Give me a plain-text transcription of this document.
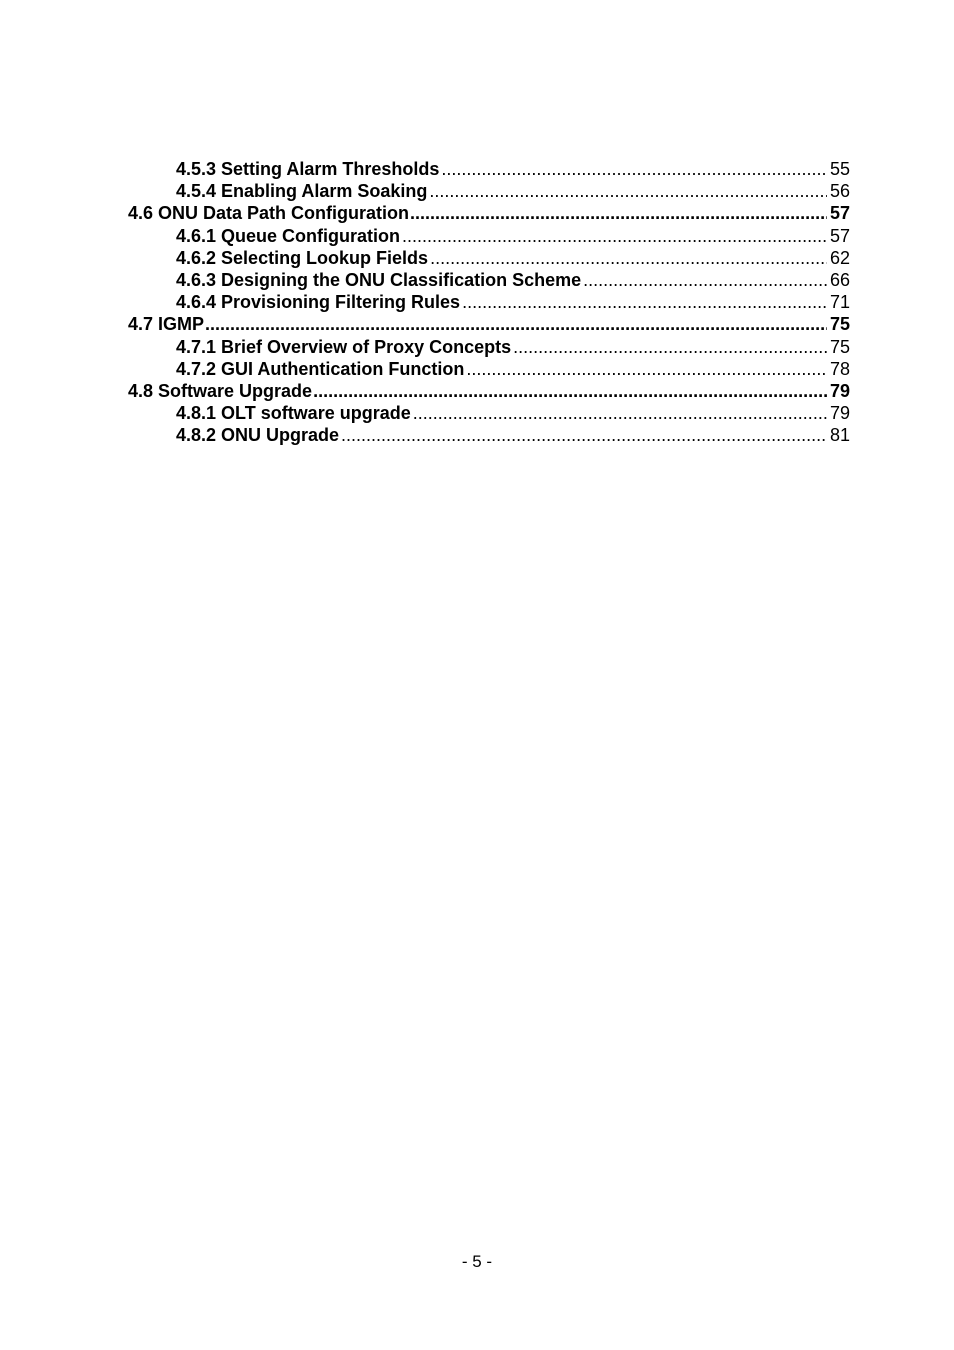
4.5.3 Setting Alarm Thresholds .....	55
4.5.4 Enabling Alarm Soaking .....	56
4.6 ONU Data Path Configuration .....	57
4.6.1 Queue Configuration .....	57
4.6.2 Selecting Lookup Fields .....	62
4.6.3 Designing the ONU Classification Scheme .....	66
4.6.4 Provisioning Filtering Rules .....	71
4.7 IGMP .....	75
4.7.1 Brief Overview of Proxy Concepts .....	75
4.7.2 GUI Authentication Function .....	78
4.8 Software Upgrade .....	79
4.8.1 OLT software upgrade .....	79
4.8.2 ONU Upgrade .....	81
- 5 -
